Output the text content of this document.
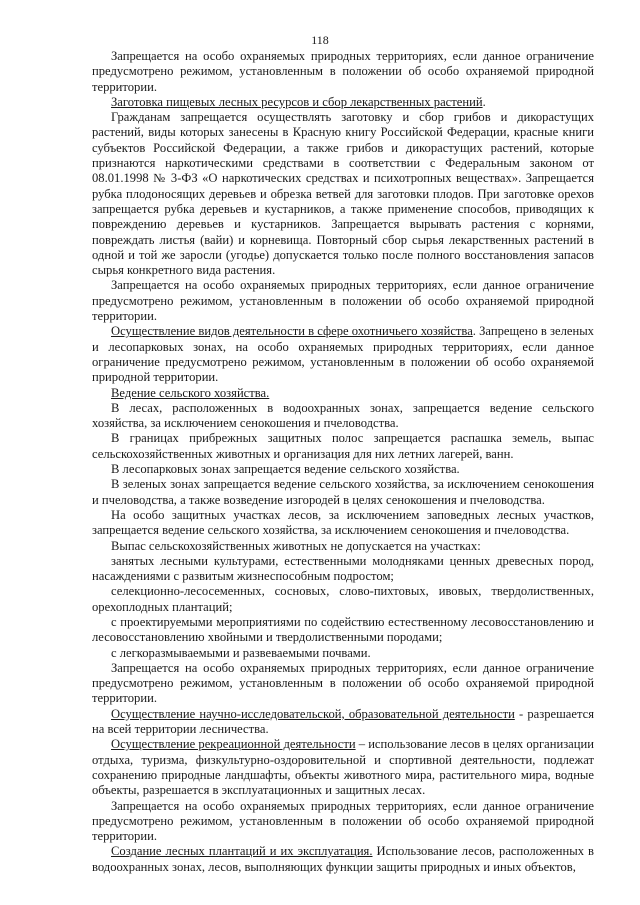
118

Запрещается на особо охраняемых природных территориях, если данное ограничение предусмотрено режимом, установленным в положении об особо охраняемой природной территории.

Заготовка пищевых лесных ресурсов и сбор лекарственных растений.

Гражданам запрещается осуществлять заготовку и сбор грибов и дикорастущих растений, виды которых занесены в Красную книгу Российской Федерации, красные книги субъектов Российской Федерации, а также грибов и дикорастущих растений, которые признаются наркотическими средствами в соответствии с Федеральным законом от 08.01.1998 № 3-ФЗ «О наркотических средствах и психотропных веществах». Запрещается рубка плодоносящих деревьев и обрезка ветвей для заготовки плодов. При заготовке орехов запрещается рубка деревьев и кустарников, а также применение способов, приводящих к повреждению деревьев и кустарников. Запрещается вырывать растения с корнями, повреждать листья (вайи) и корневища. Повторный сбор сырья лекарственных растений в одной и той же заросли (угодье) допускается только после полного восстановления запасов сырья конкретного вида растения.

Запрещается на особо охраняемых природных территориях, если данное ограничение предусмотрено режимом, установленным в положении об особо охраняемой природной территории.

Осуществление видов деятельности в сфере охотничьего хозяйства. Запрещено в зеленых и лесопарковых зонах, на особо охраняемых природных территориях, если данное ограничение предусмотрено режимом, установленным в положении об особо охраняемой природной территории.

Ведение сельского хозяйства.

В лесах, расположенных в водоохранных зонах, запрещается ведение сельского хозяйства, за исключением сенокошения и пчеловодства.

В границах прибрежных защитных полос запрещается распашка земель, выпас сельскохозяйственных животных и организация для них летних лагерей, ванн.

В лесопарковых зонах запрещается ведение сельского хозяйства.

В зеленых зонах запрещается ведение сельского хозяйства, за исключением сенокошения и пчеловодства, а также возведение изгородей в целях сенокошения и пчеловодства.

На особо защитных участках лесов, за исключением заповедных лесных участков, запрещается ведение сельского хозяйства, за исключением сенокошения и пчеловодства.

Выпас сельскохозяйственных животных не допускается на участках:

занятых лесными культурами, естественными молодняками ценных древесных пород, насаждениями с развитым жизнеспособным подростом;

селекционно-лесосеменных, сосновых, слово-пихтовых, ивовых, твердолиственных, орехоплодных плантаций;

с проектируемыми мероприятиями по содействию естественному лесовосстановлению и лесовосстановлению хвойными и твердолиственными породами;

с легкоразмываемыми и развеваемыми почвами.

Запрещается на особо охраняемых природных территориях, если данное ограничение предусмотрено режимом, установленным в положении об особо охраняемой природной территории.

Осуществление научно-исследовательской, образовательной деятельности - разрешается на всей территории лесничества.

Осуществление рекреационной деятельности – использование лесов в целях организации отдыха, туризма, физкультурно-оздоровительной и спортивной деятельности, подлежат сохранению природные ландшафты, объекты животного мира, растительного мира, водные объекты, разрешается в эксплуатационных и защитных лесах.

Запрещается на особо охраняемых природных территориях, если данное ограничение предусмотрено режимом, установленным в положении об особо охраняемой природной территории.

Создание лесных плантаций и их эксплуатация. Использование лесов, расположенных в водоохранных зонах, лесов, выполняющих функции защиты природных и иных объектов,
